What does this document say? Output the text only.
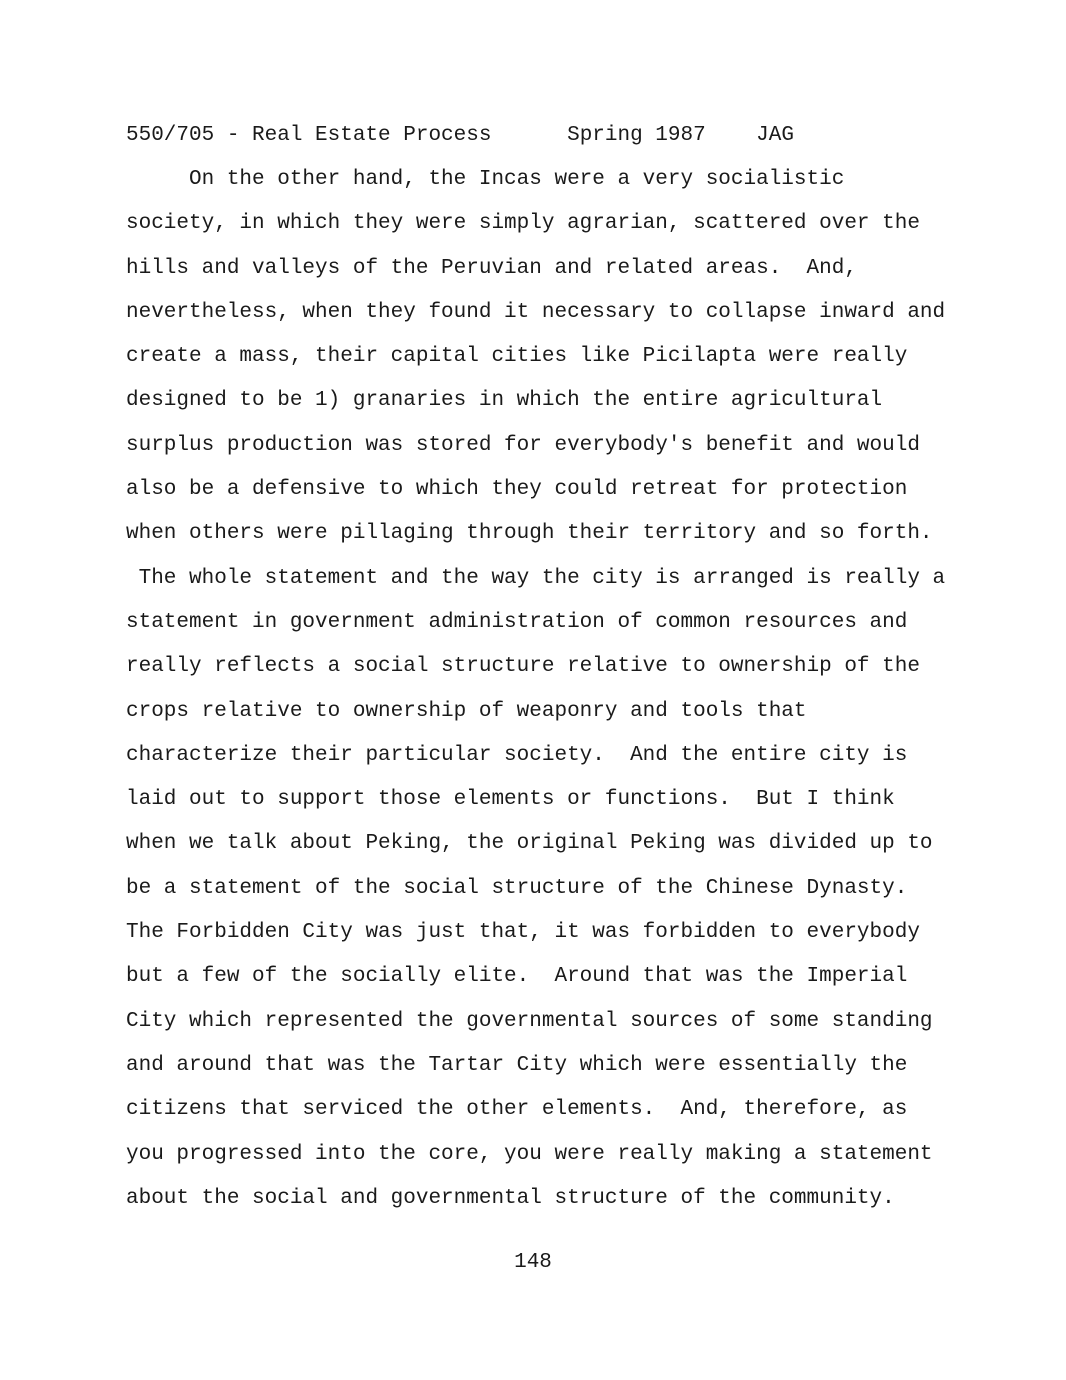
550/705 - Real Estate Process	Spring 1987 JAG
On the other hand, the Incas were a very socialistic
society, in which they were simply agrarian, scattered over the
hills and valleys of the Peruvian and related areas.  And,
nevertheless, when they found it necessary to collapse inward and
create a mass, their capital cities like Picilapta were really
designed to be 1) granaries in which the entire agricultural
surplus production was stored for everybody's benefit and would
also be a defensive to which they could retreat for protection
when others were pillaging through their territory and so forth.
The whole statement and the way the city is arranged is really a
statement in government administration of common resources and
really reflects a social structure relative to ownership of the
crops relative to ownership of weaponry and tools that
characterize their particular society.  And the entire city is
laid out to support those elements or functions.  But I think
when we talk about Peking, the original Peking was divided up to
be a statement of the social structure of the Chinese Dynasty.
The Forbidden City was just that, it was forbidden to everybody
but a few of the socially elite.  Around that was the Imperial
City which represented the governmental sources of some standing
and around that was the Tartar City which were essentially the
citizens that serviced the other elements.  And, therefore, as
you progressed into the core, you were really making a statement
about the social and governmental structure of the community.
148
